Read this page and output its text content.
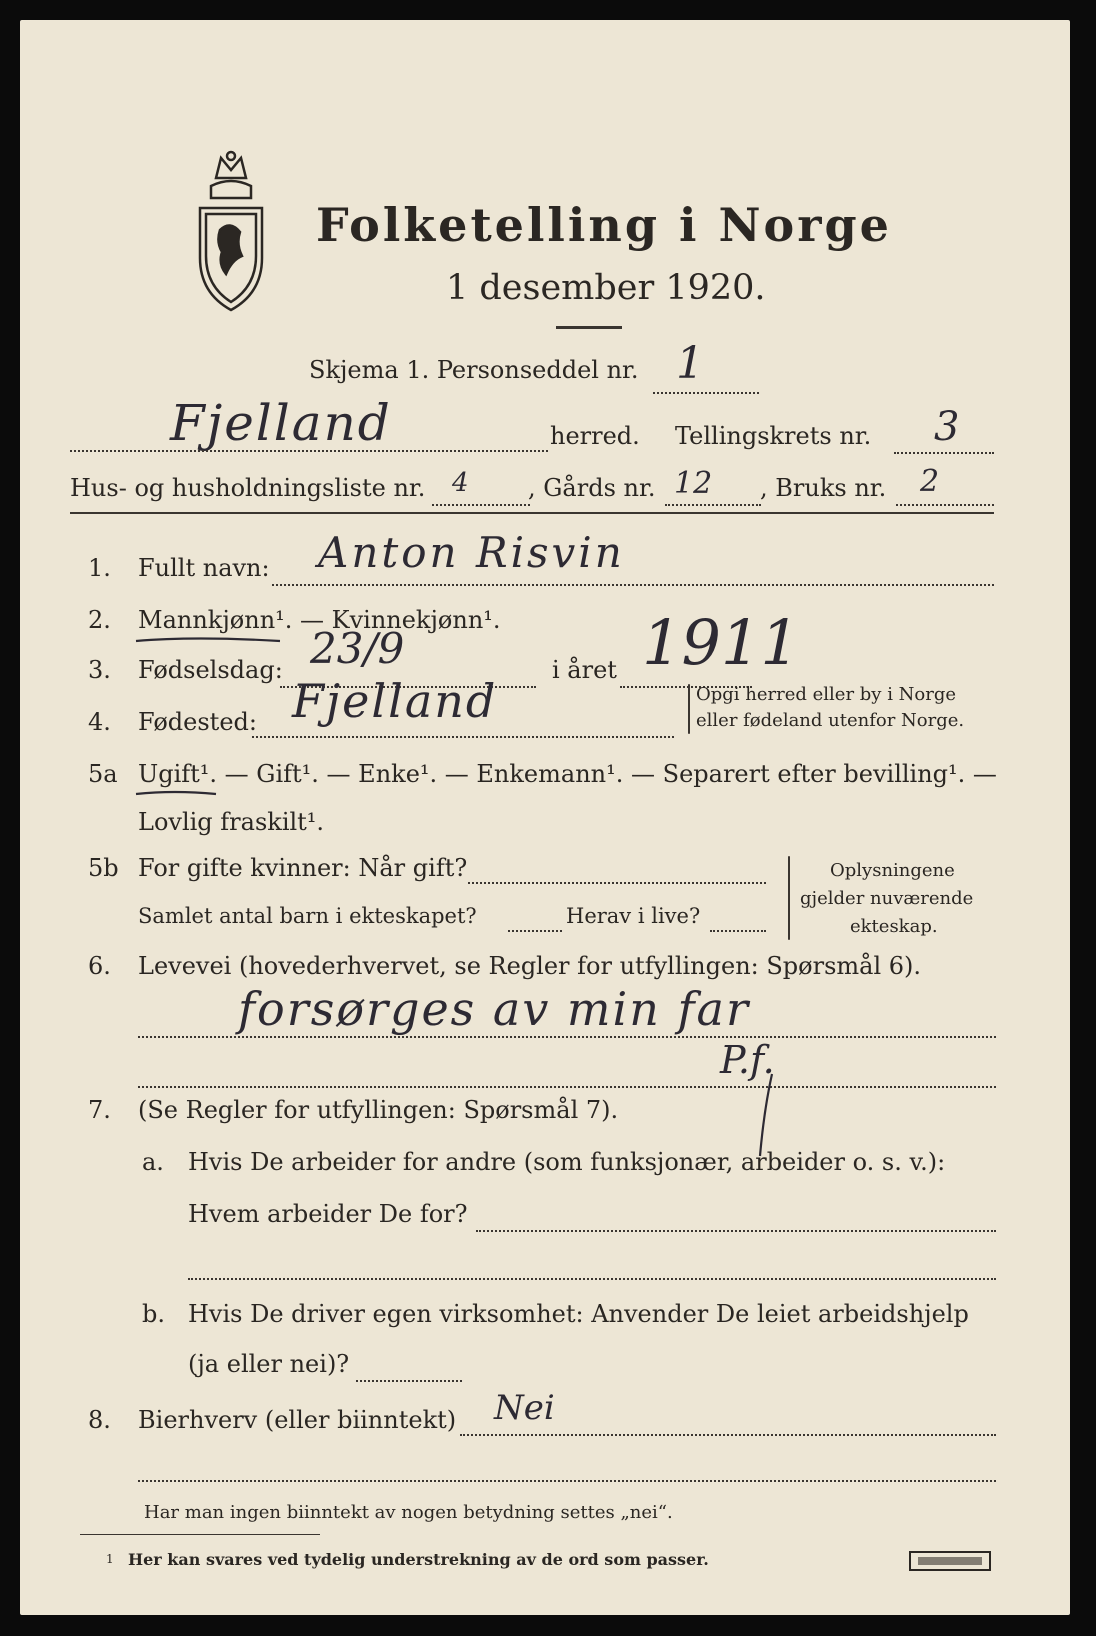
Folketelling i Norge
1 desember 1920.
Skjema 1. Personseddel nr. 1
Fjelland	herred. Tellingskrets nr. 3
Hus- og husholdningsliste nr. 4 , Gårds nr. 12 , Bruks nr. 2
1. Fullt navn: Anton Risvin
2. Mannkjønn¹. — Kvinnekjønn¹.
3. Fødselsdag: 23/9	i året 1911
4. Fødested: Fjelland	Opgi herred eller by i Norge
eller fødeland utenfor Norge.
5a Ugift¹. — Gift¹. — Enke¹. — Enkemann¹. — Separert efter bevilling¹. —
Lovlig fraskilt¹.
5b For gifte kvinner: Når gift?
Samlet antal barn i ekteskapet?	Herav i live?
Oplysningene
gjelder nuværende
ekteskap.
6. Levevei (hovederhvervet, se Regler for utfyllingen: Spørsmål 6).
forsørges av min far
P.f.
7. (Se Regler for utfyllingen: Spørsmål 7).
a. Hvis De arbeider for andre (som funksjonær, arbeider o. s. v.):
Hvem arbeider De for?
b. Hvis De driver egen virksomhet: Anvender De leiet arbeidshjelp
(ja eller nei)?
8. Bierhverv (eller biinntekt) Nei
Har man ingen biinntekt av nogen betydning settes „nei“.
1 Her kan svares ved tydelig understrekning av de ord som passer.
